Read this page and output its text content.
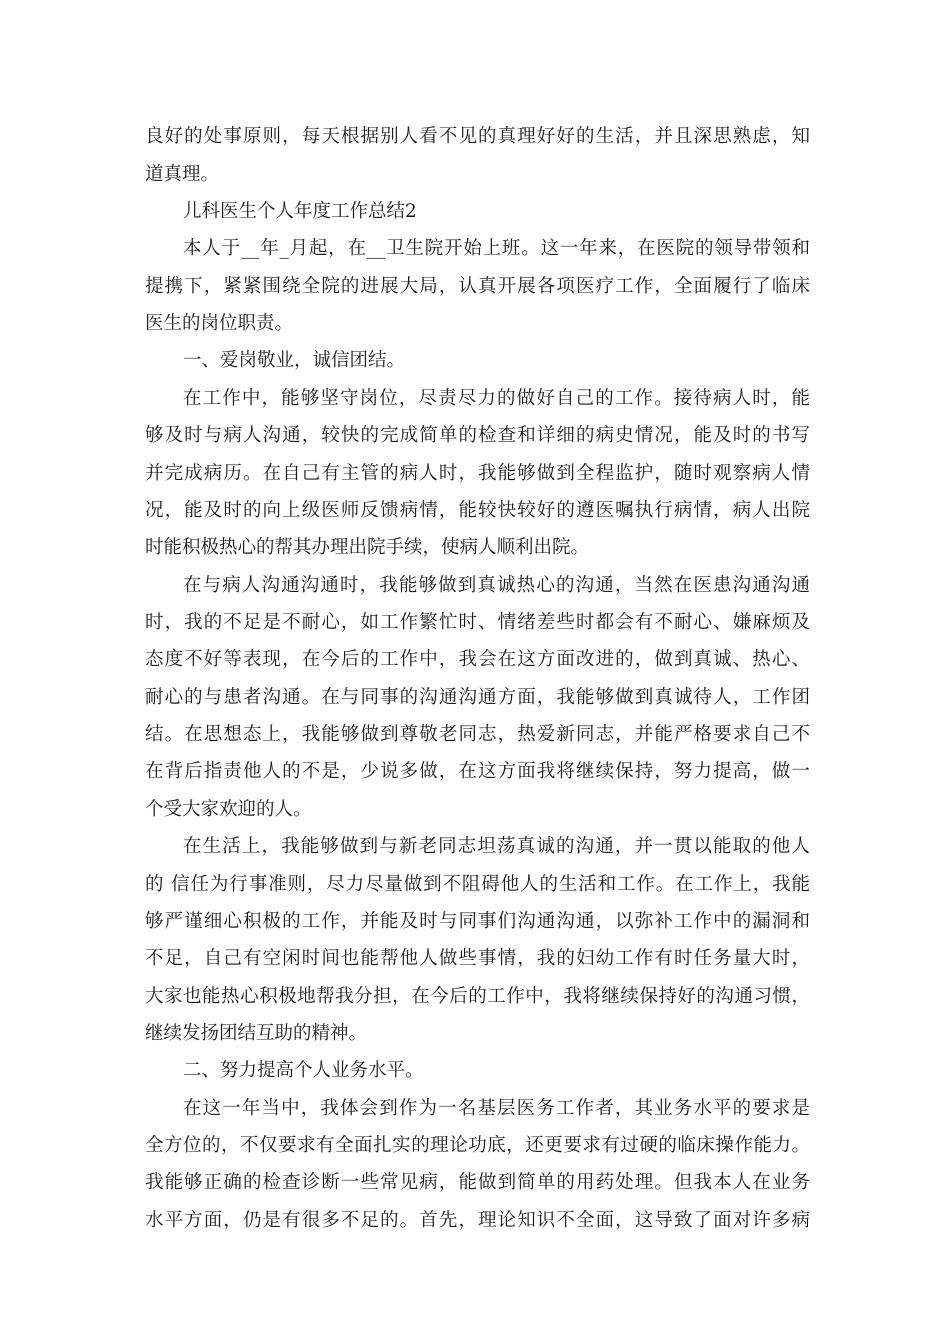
良好的处事原则，每天根据别人看不见的真理好好的生活，并且深思熟虑，知
道真理。
儿科医生个人年度工作总结2
本人于__年_月起，在__卫生院开始上班。这一年来，在医院的领导带领和
提携下，紧紧围绕全院的进展大局，认真开展各项医疗工作，全面履行了临床
医生的岗位职责。
一、爱岗敬业，诚信团结。
在工作中，能够坚守岗位，尽责尽力的做好自己的工作。接待病人时，能
够及时与病人沟通，较快的完成简单的检查和详细的病史情况，能及时的书写
并完成病历。在自己有主管的病人时，我能够做到全程监护，随时观察病人情
况，能及时的向上级医师反馈病情，能较快较好的遵医嘱执行病情，病人出院
时能积极热心的帮其办理出院手续，使病人顺利出院。
在与病人沟通沟通时，我能够做到真诚热心的沟通，当然在医患沟通沟通
时，我的不足是不耐心，如工作繁忙时、情绪差些时都会有不耐心、嫌麻烦及
态度不好等表现，在今后的工作中，我会在这方面改进的，做到真诚、热心、
耐心的与患者沟通。在与同事的沟通沟通方面，我能够做到真诚待人，工作团
结。在思想态上，我能够做到尊敬老同志，热爱新同志，并能严格要求自己不
在背后指责他人的不是，少说多做，在这方面我将继续保持，努力提高，做一
个受大家欢迎的人。
在生活上，我能够做到与新老同志坦荡真诚的沟通，并一贯以能取的他人
的 信任为行事准则，尽力尽量做到不阻碍他人的生活和工作。在工作上，我能
够严谨细心积极的工作，并能及时与同事们沟通沟通，以弥补工作中的漏洞和
不足，自己有空闲时间也能帮他人做些事情，我的妇幼工作有时任务量大时，
大家也能热心积极地帮我分担，在今后的工作中，我将继续保持好的沟通习惯，
继续发扬团结互助的精神。
二、努力提高个人业务水平。
在这一年当中，我体会到作为一名基层医务工作者，其业务水平的要求是
全方位的，不仅要求有全面扎实的理论功底，还更要求有过硬的临床操作能力。
我能够正确的检查诊断一些常见病，能做到简单的用药处理。但我本人在业务
水平方面，仍是有很多不足的。首先，理论知识不全面，这导致了面对许多病
